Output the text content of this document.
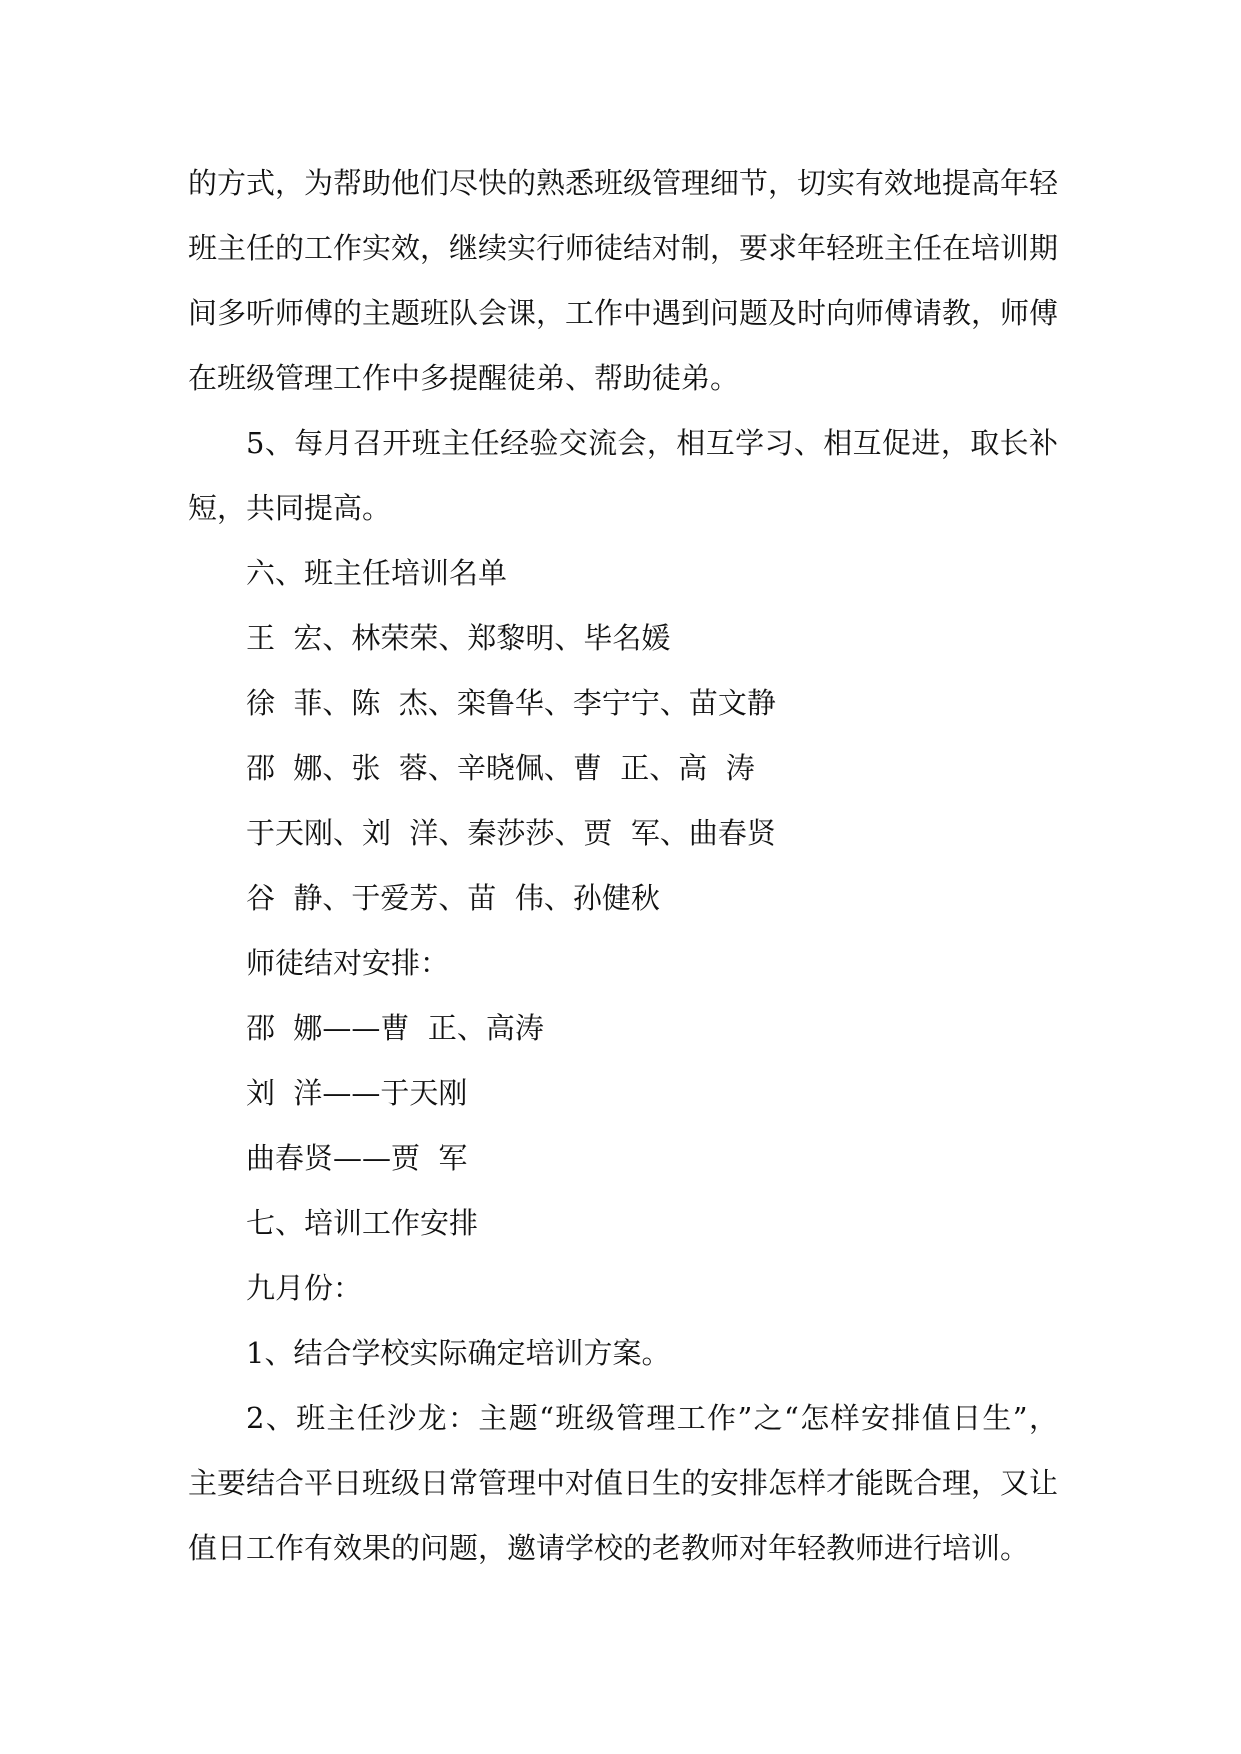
的方式，为帮助他们尽快的熟悉班级管理细节，切实有效地提高年轻
班主任的工作实效，继续实行师徒结对制，要求年轻班主任在培训期
间多听师傅的主题班队会课，工作中遇到问题及时向师傅请教，师傅
在班级管理工作中多提醒徒弟、帮助徒弟。
5、每月召开班主任经验交流会，相互学习、相互促进，取长补
短，共同提高。
六、班主任培训名单
王  宏、林荣荣、郑黎明、毕名媛
徐  菲、陈  杰、栾鲁华、李宁宁、苗文静
邵  娜、张  蓉、辛晓佩、曹  正、高  涛
于天刚、刘  洋、秦莎莎、贾  军、曲春贤
谷  静、于爱芳、苗  伟、孙健秋
师徒结对安排：
邵  娜——曹  正、高涛
刘  洋——于天刚
曲春贤——贾  军
七、培训工作安排
九月份：
1、结合学校实际确定培训方案。
2、班主任沙龙：主题“班级管理工作”之“怎样安排值日生”，
主要结合平日班级日常管理中对值日生的安排怎样才能既合理，又让
值日工作有效果的问题，邀请学校的老教师对年轻教师进行培训。
